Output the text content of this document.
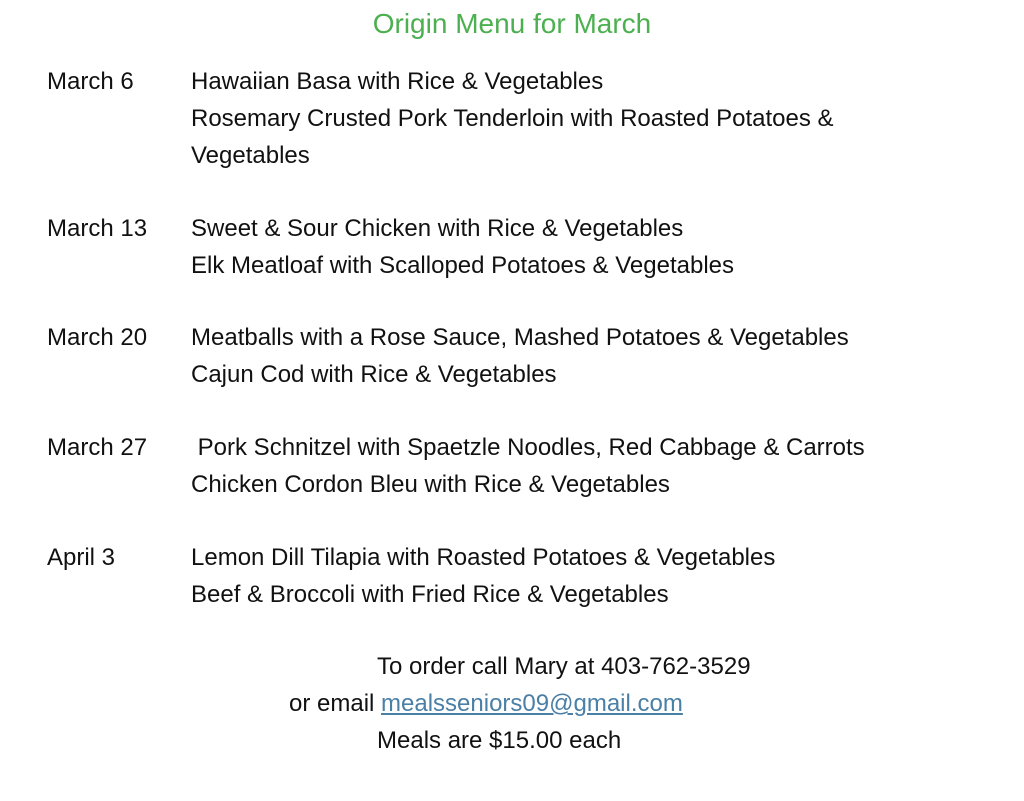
Origin Menu for March
March 6 Hawaiian Basa with Rice & Vegetables
Rosemary Crusted Pork Tenderloin with Roasted Potatoes & Vegetables
March 13 Sweet & Sour Chicken with Rice & Vegetables
Elk Meatloaf with Scalloped Potatoes & Vegetables
March 20 Meatballs with a Rose Sauce, Mashed Potatoes & Vegetables
Cajun Cod with Rice & Vegetables
March 27 Pork Schnitzel with Spaetzle Noodles, Red Cabbage & Carrots
Chicken Cordon Bleu with Rice & Vegetables
April 3	Lemon Dill Tilapia with Roasted Potatoes & Vegetables
Beef & Broccoli with Fried Rice & Vegetables
To order call Mary at 403-762-3529
or email mealsseniors09@gmail.com
Meals are $15.00 each
